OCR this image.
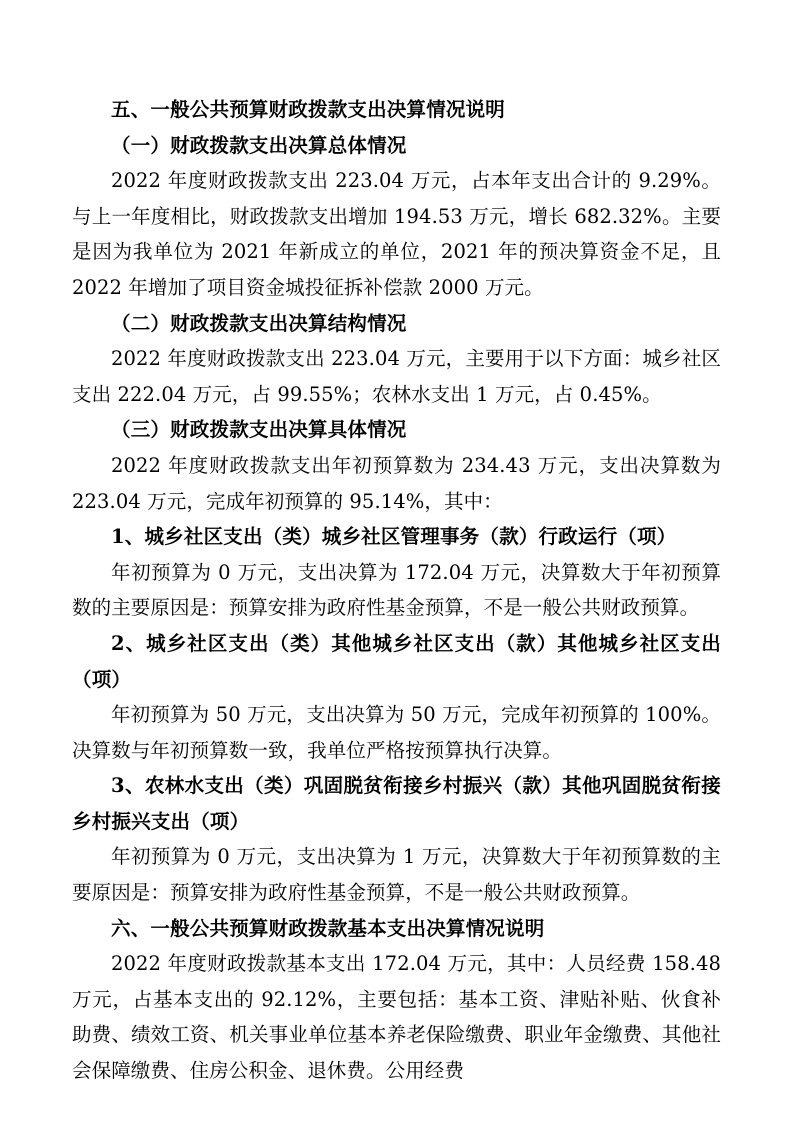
五、一般公共预算财政拨款支出决算情况说明

（一）财政拨款支出决算总体情况

2022 年度财政拨款支出 223.04 万元，占本年支出合计的 9.29%。与上一年度相比，财政拨款支出增加 194.53 万元，增长 682.32%。主要是因为我单位为 2021 年新成立的单位，2021 年的预决算资金不足，且 2022 年增加了项目资金城投征拆补偿款 2000 万元。

（二）财政拨款支出决算结构情况

2022 年度财政拨款支出 223.04 万元，主要用于以下方面：城乡社区支出 222.04 万元，占 99.55%；农林水支出 1 万元，占 0.45%。

（三）财政拨款支出决算具体情况

2022 年度财政拨款支出年初预算数为 234.43 万元，支出决算数为 223.04 万元，完成年初预算的 95.14%，其中：

1、城乡社区支出（类）城乡社区管理事务（款）行政运行（项）

年初预算为 0 万元，支出决算为 172.04 万元，决算数大于年初预算数的主要原因是：预算安排为政府性基金预算，不是一般公共财政预算。

2、城乡社区支出（类）其他城乡社区支出（款）其他城乡社区支出（项）

年初预算为 50 万元，支出决算为 50 万元，完成年初预算的 100%。决算数与年初预算数一致，我单位严格按预算执行决算。

3、农林水支出（类）巩固脱贫衔接乡村振兴（款）其他巩固脱贫衔接乡村振兴支出（项）

年初预算为 0 万元，支出决算为 1 万元，决算数大于年初预算数的主要原因是：预算安排为政府性基金预算，不是一般公共财政预算。

六、一般公共预算财政拨款基本支出决算情况说明

2022 年度财政拨款基本支出 172.04 万元，其中：人员经费 158.48 万元，占基本支出的 92.12%，主要包括：基本工资、津贴补贴、伙食补助费、绩效工资、机关事业单位基本养老保险缴费、职业年金缴费、其他社会保障缴费、住房公积金、退休费。公用经费
